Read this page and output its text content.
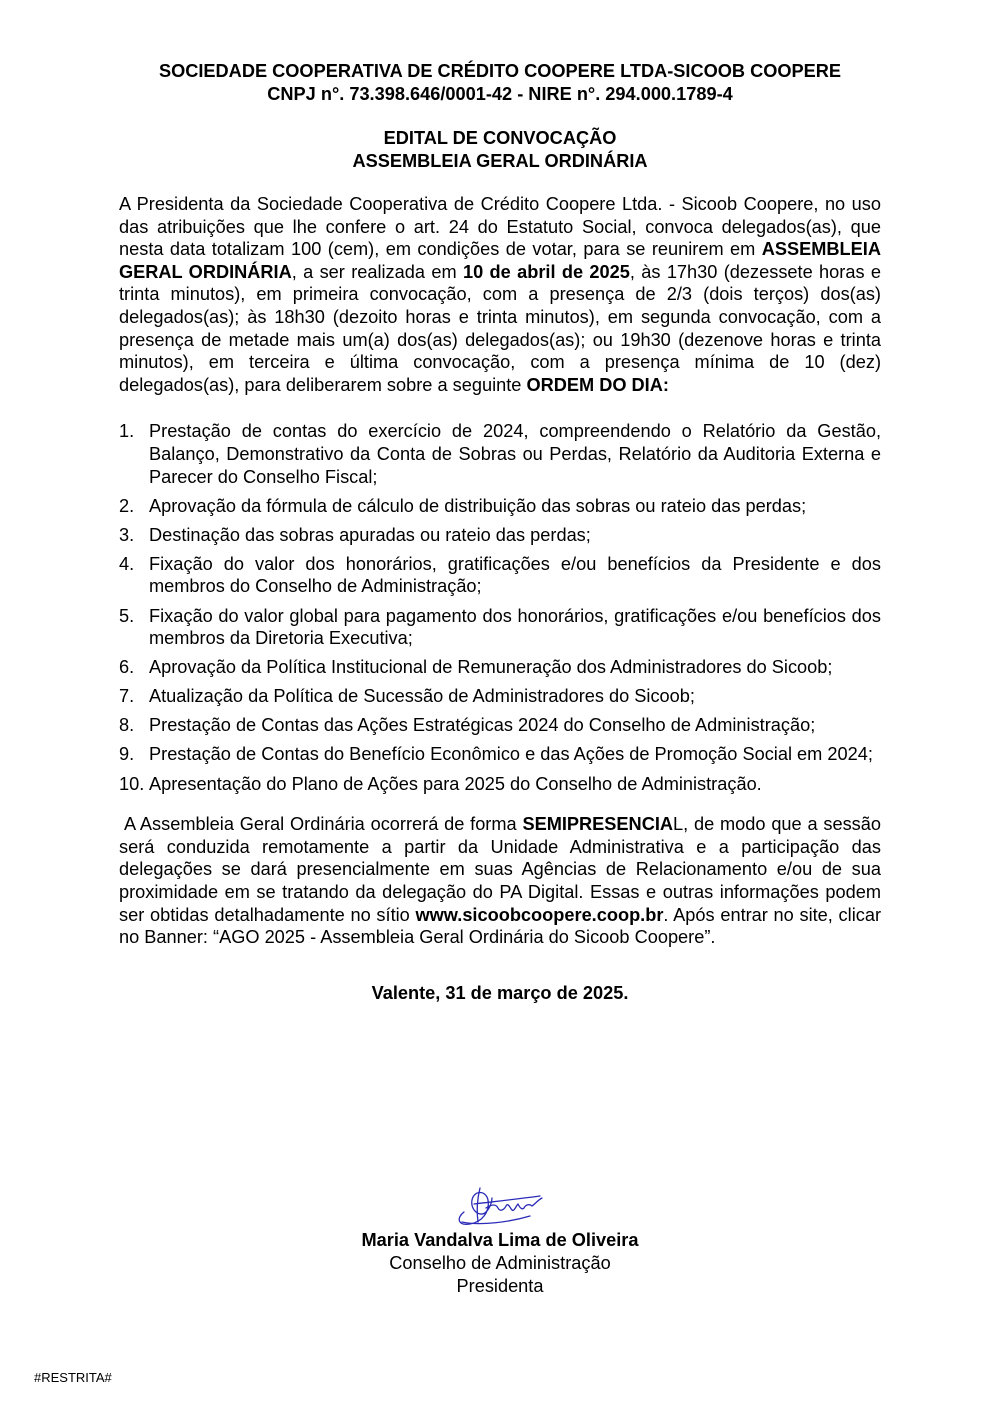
SOCIEDADE COOPERATIVA DE CRÉDITO COOPERE LTDA-SICOOB COOPERE
CNPJ n°. 73.398.646/0001-42 - NIRE n°. 294.000.1789-4
EDITAL DE CONVOCAÇÃO
ASSEMBLEIA GERAL ORDINÁRIA

A Presidenta da Sociedade Cooperativa de Crédito Coopere Ltda. - Sicoob Coopere, no uso das atribuições que lhe confere o art. 24 do Estatuto Social, convoca delegados(as), que nesta data totalizam 100 (cem), em condições de votar, para se reunirem em ASSEMBLEIA GERAL ORDINÁRIA, a ser realizada em 10 de abril de 2025, às 17h30 (dezessete horas e trinta minutos), em primeira convocação, com a presença de 2/3 (dois terços) dos(as) delegados(as); às 18h30 (dezoito horas e trinta minutos), em segunda convocação, com a presença de metade mais um(a) dos(as) delegados(as); ou 19h30 (dezenove horas e trinta minutos), em terceira e última convocação, com a presença mínima de 10 (dez) delegados(as), para deliberarem sobre a seguinte ORDEM DO DIA:

1. Prestação de contas do exercício de 2024, compreendendo o Relatório da Gestão, Balanço, Demonstrativo da Conta de Sobras ou Perdas, Relatório da Auditoria Externa e Parecer do Conselho Fiscal;
2. Aprovação da fórmula de cálculo de distribuição das sobras ou rateio das perdas;
3. Destinação das sobras apuradas ou rateio das perdas;
4. Fixação do valor dos honorários, gratificações e/ou benefícios da Presidente e dos membros do Conselho de Administração;
5. Fixação do valor global para pagamento dos honorários, gratificações e/ou benefícios dos membros da Diretoria Executiva;
6. Aprovação da Política Institucional de Remuneração dos Administradores do Sicoob;
7. Atualização da Política de Sucessão de Administradores do Sicoob;
8. Prestação de Contas das Ações Estratégicas 2024 do Conselho de Administração;
9. Prestação de Contas do Benefício Econômico e das Ações de Promoção Social em 2024;
10. Apresentação do Plano de Ações para 2025 do Conselho de Administração.

A Assembleia Geral Ordinária ocorrerá de forma SEMIPRESENCIAL, de modo que a sessão será conduzida remotamente a partir da Unidade Administrativa e a participação das delegações se dará presencialmente em suas Agências de Relacionamento e/ou de sua proximidade em se tratando da delegação do PA Digital. Essas e outras informações podem ser obtidas detalhadamente no sítio www.sicoobcoopere.coop.br. Após entrar no site, clicar no Banner: “AGO 2025 - Assembleia Geral Ordinária do Sicoob Coopere”.

Valente, 31 de março de 2025.
Maria Vandalva Lima de Oliveira
Conselho de Administração
Presidenta
#RESTRITA#
